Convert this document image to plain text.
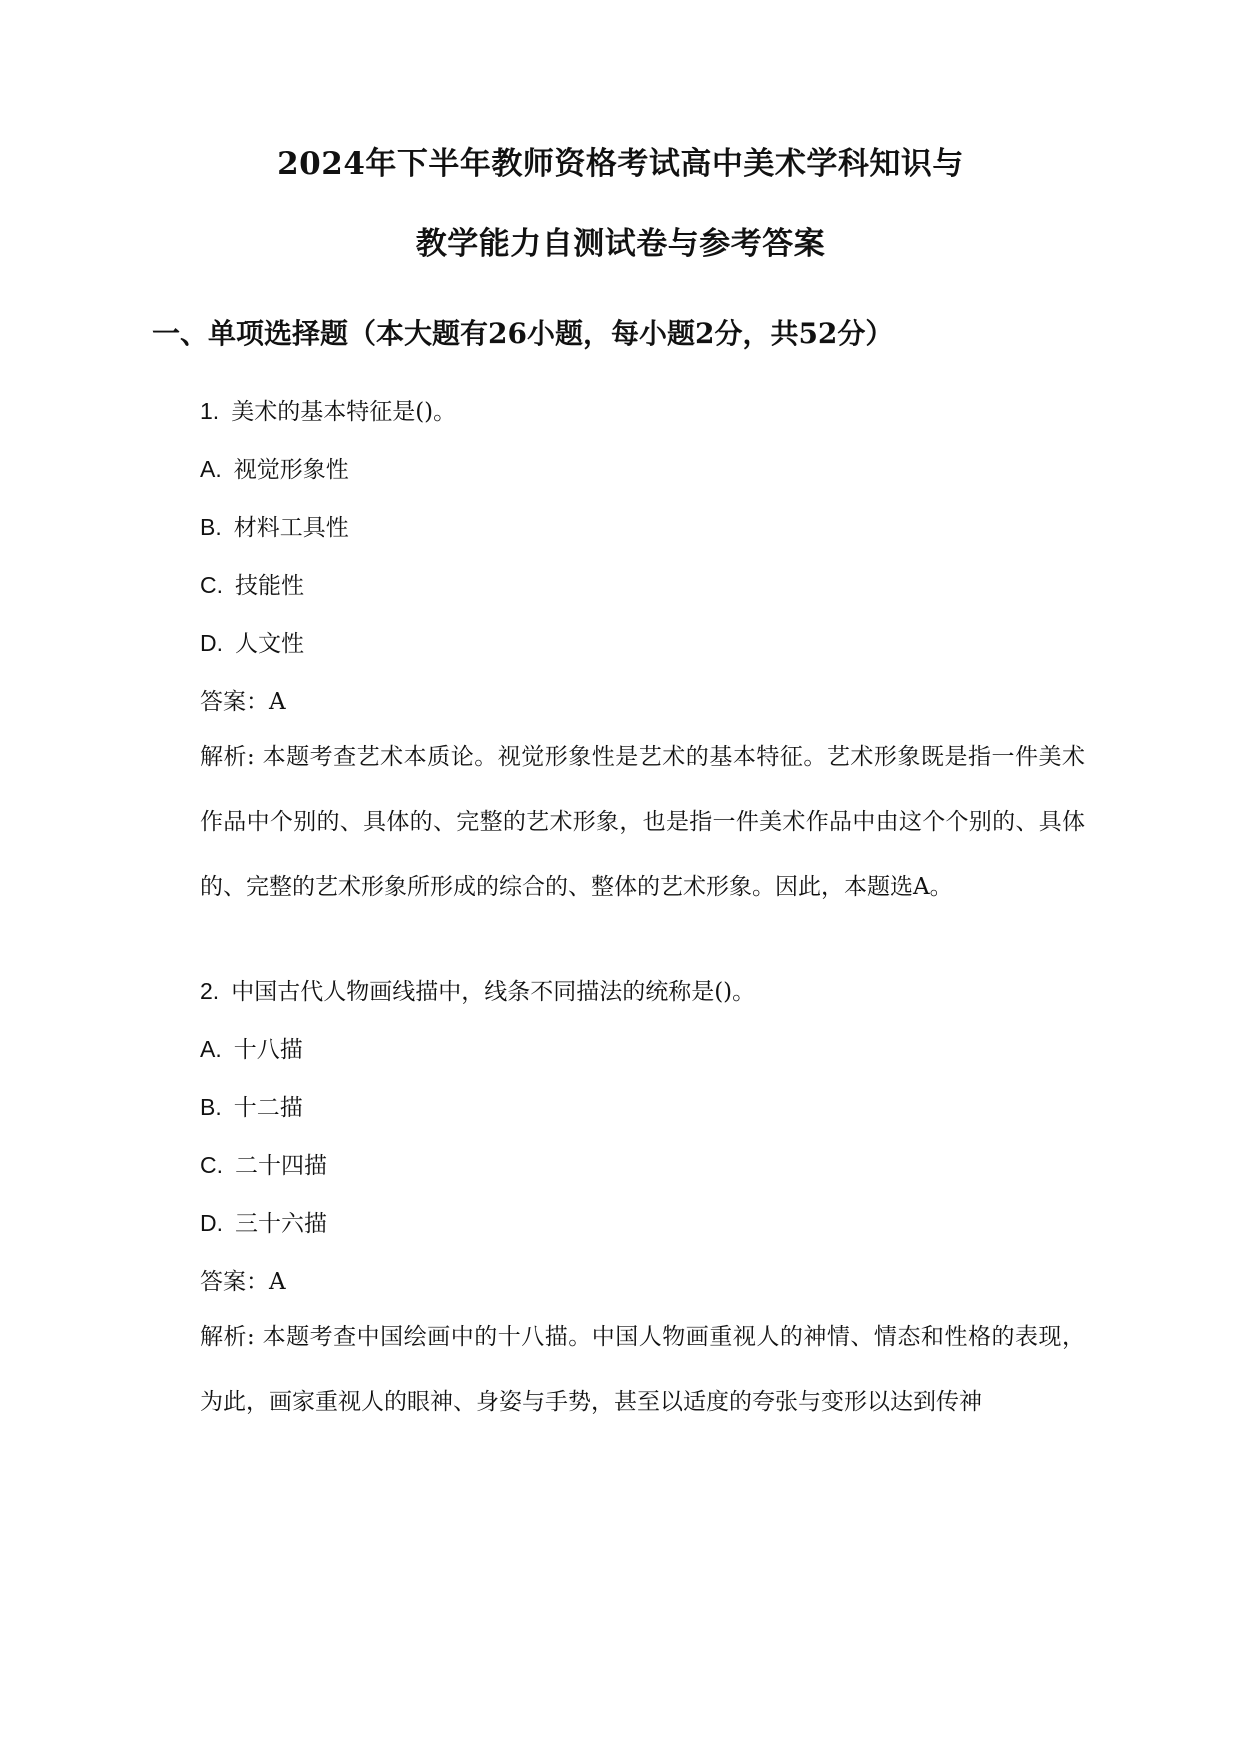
2024年下半年教师资格考试高中美术学科知识与
教学能力自测试卷与参考答案
一、单项选择题（本大题有26小题，每小题2分，共52分）
1. 美术的基本特征是()。
A. 视觉形象性
B. 材料工具性
C. 技能性
D. 人文性
答案：A
解析: 本题考查艺术本质论。视觉形象性是艺术的基本特征。艺术形象既是指一件美术作品中个别的、具体的、完整的艺术形象，也是指一件美术作品中由这个个别的、具体的、完整的艺术形象所形成的综合的、整体的艺术形象。因此，本题选A。
2. 中国古代人物画线描中，线条不同描法的统称是()。
A. 十八描
B. 十二描
C. 二十四描
D. 三十六描
答案：A
解析: 本题考查中国绘画中的十八描。中国人物画重视人的神情、情态和性格的表现，为此，画家重视人的眼神、身姿与手势，甚至以适度的夸张与变形以达到传神
